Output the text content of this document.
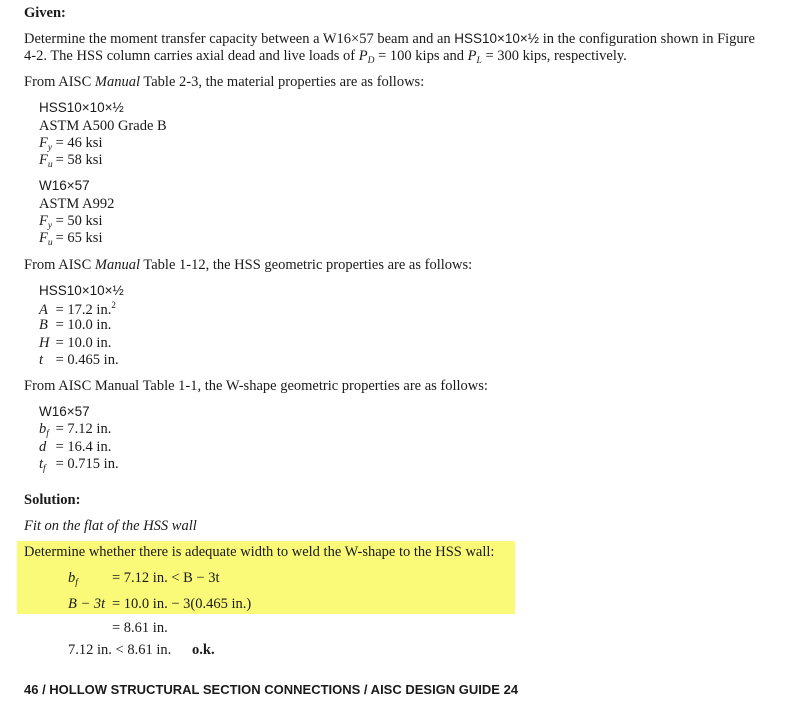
Given:
Determine the moment transfer capacity between a W16×57 beam and an HSS10×10×½ in the configuration shown in Figure
4-2. The HSS column carries axial dead and live loads of $P_D = 100$ kips and $P_L = 300$ kips, respectively.
From AISC Manual Table 2-3, the material properties are as follows:
HSS10×10×½
ASTM A500 Grade B
$F_y = 46$ ksi
$F_u = 58$ ksi
W16×57
ASTM A992
$F_y = 50$ ksi
$F_u = 65$ ksi
From AISC Manual Table 1-12, the HSS geometric properties are as follows:
HSS10×10×½
A = 17.2 in.$^2$
B = 10.0 in.
H = 10.0 in.
t = 0.465 in.
From AISC Manual Table 1-1, the W-shape geometric properties are as follows:
W16×57
$b_f = 7.12$ in.
d = 16.4 in.
$t_f = 0.715$ in.
Solution:
Fit on the flat of the HSS wall
Determine whether there is adequate width to weld the W-shape to the HSS wall:
$b_f = 7.12$ in. < B − 3t
B − 3t = 10.0 in. − 3(0.465 in.)
= 8.61 in.
7.12 in. < 8.61 in. o.k.
46 / HOLLOW STRUCTURAL SECTION CONNECTIONS / AISC DESIGN GUIDE 24
